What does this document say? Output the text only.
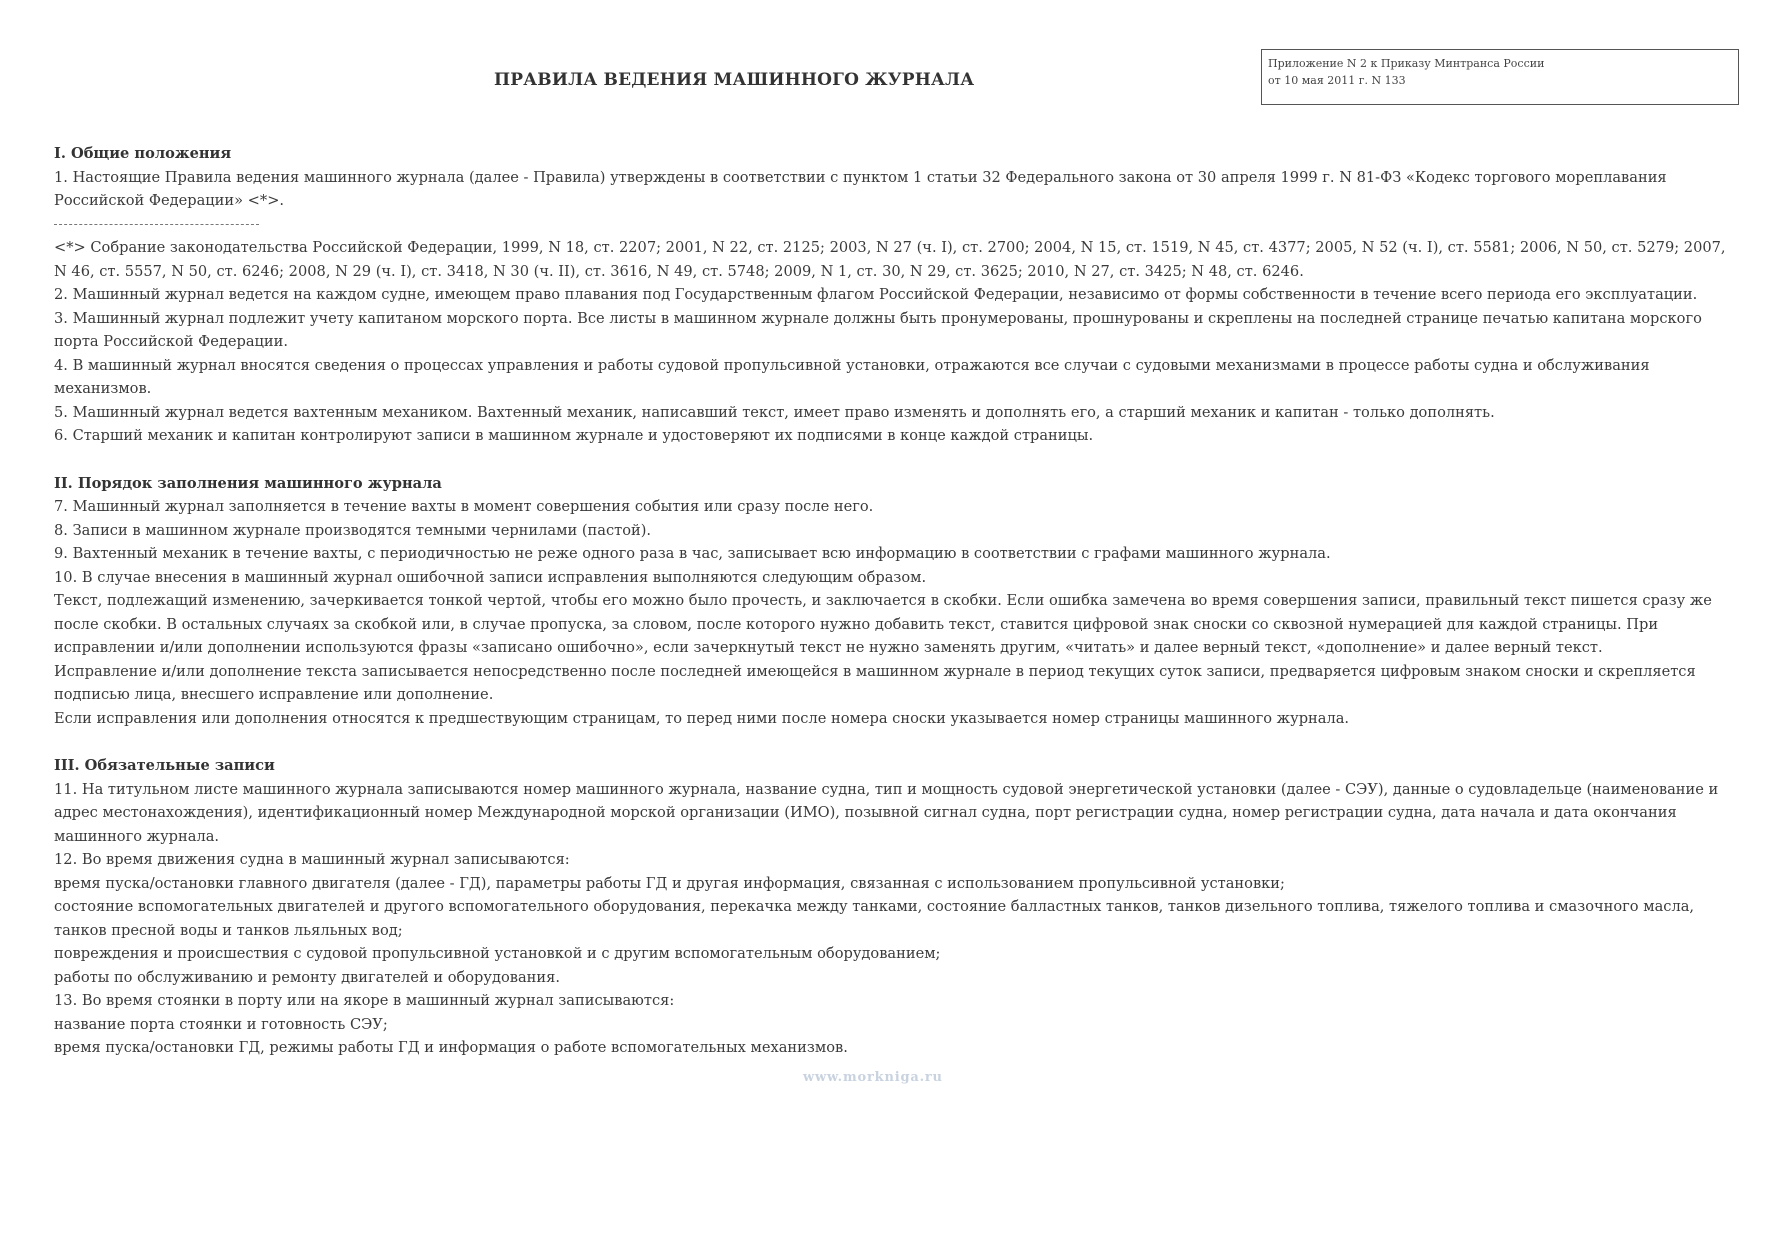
ПРАВИЛА ВЕДЕНИЯ МАШИННОГО ЖУРНАЛА
Приложение N 2 к Приказу Минтранса России
от 10 мая 2011 г. N 133

I. Общие положения

1. Настоящие Правила ведения машинного журнала (далее - Правила) утверждены в соответствии с пунктом 1 статьи 32 Федерального закона от 30 апреля 1999 г. N 81-ФЗ «Кодекс торгового мореплавания Российской Федерации» <*>.

<*> Собрание законодательства Российской Федерации, 1999, N 18, ст. 2207; 2001, N 22, ст. 2125; 2003, N 27 (ч. I), ст. 2700; 2004, N 15, ст. 1519, N 45, ст. 4377; 2005, N 52 (ч. I), ст. 5581; 2006, N 50, ст. 5279; 2007, N 46, ст. 5557, N 50, ст. 6246; 2008, N 29 (ч. I), ст. 3418, N 30 (ч. II), ст. 3616, N 49, ст. 5748; 2009, N 1, ст. 30, N 29, ст. 3625; 2010, N 27, ст. 3425; N 48, ст. 6246.

2. Машинный журнал ведется на каждом судне, имеющем право плавания под Государственным флагом Российской Федерации, независимо от формы собственности в течение всего периода его эксплуатации.

3. Машинный журнал подлежит учету капитаном морского порта. Все листы в машинном журнале должны быть пронумерованы, прошнурованы и скреплены на последней странице печатью капитана морского порта Российской Федерации.

4. В машинный журнал вносятся сведения о процессах управления и работы судовой пропульсивной установки, отражаются все случаи с судовыми механизмами в процессе работы судна и обслуживания механизмов.

5. Машинный журнал ведется вахтенным механиком. Вахтенный механик, написавший текст, имеет право изменять и дополнять его, а старший механик и капитан - только дополнять.

6. Старший механик и капитан контролируют записи в машинном журнале и удостоверяют их подписями в конце каждой страницы.

II. Порядок заполнения машинного журнала

7. Машинный журнал заполняется в течение вахты в момент совершения события или сразу после него.

8. Записи в машинном журнале производятся темными чернилами (пастой).

9. Вахтенный механик в течение вахты, с периодичностью не реже одного раза в час, записывает всю информацию в соответствии с графами машинного журнала.

10. В случае внесения в машинный журнал ошибочной записи исправления выполняются следующим образом.

Текст, подлежащий изменению, зачеркивается тонкой чертой, чтобы его можно было прочесть, и заключается в скобки. Если ошибка замечена во время совершения записи, правильный текст пишется сразу же после скобки. В остальных случаях за скобкой или, в случае пропуска, за словом, после которого нужно добавить текст, ставится цифровой знак сноски со сквозной нумерацией для каждой страницы. При исправлении и/или дополнении используются фразы «записано ошибочно», если зачеркнутый текст не нужно заменять другим, «читать» и далее верный текст, «дополнение» и далее верный текст.

Исправление и/или дополнение текста записывается непосредственно после последней имеющейся в машинном журнале в период текущих суток записи, предваряется цифровым знаком сноски и скрепляется подписью лица, внесшего исправление или дополнение.

Если исправления или дополнения относятся к предшествующим страницам, то перед ними после номера сноски указывается номер страницы машинного журнала.

III. Обязательные записи

11. На титульном листе машинного журнала записываются номер машинного журнала, название судна, тип и мощность судовой энергетической установки (далее - СЭУ), данные о судовладельце (наименование и адрес местонахождения), идентификационный номер Международной морской организации (ИМО), позывной сигнал судна, порт регистрации судна, номер регистрации судна, дата начала и дата окончания машинного журнала.

12. Во время движения судна в машинный журнал записываются:

время пуска/остановки главного двигателя (далее - ГД), параметры работы ГД и другая информация, связанная с использованием пропульсивной установки;

состояние вспомогательных двигателей и другого вспомогательного оборудования, перекачка между танками, состояние балластных танков, танков дизельного топлива, тяжелого топлива и смазочного масла, танков пресной воды и танков льяльных вод;

повреждения и происшествия с судовой пропульсивной установкой и с другим вспомогательным оборудованием;

работы по обслуживанию и ремонту двигателей и оборудования.

13. Во время стоянки в порту или на якоре в машинный журнал записываются:

название порта стоянки и готовность СЭУ;

время пуска/остановки ГД, режимы работы ГД и информация о работе вспомогательных механизмов.

www.morkniga.ru
